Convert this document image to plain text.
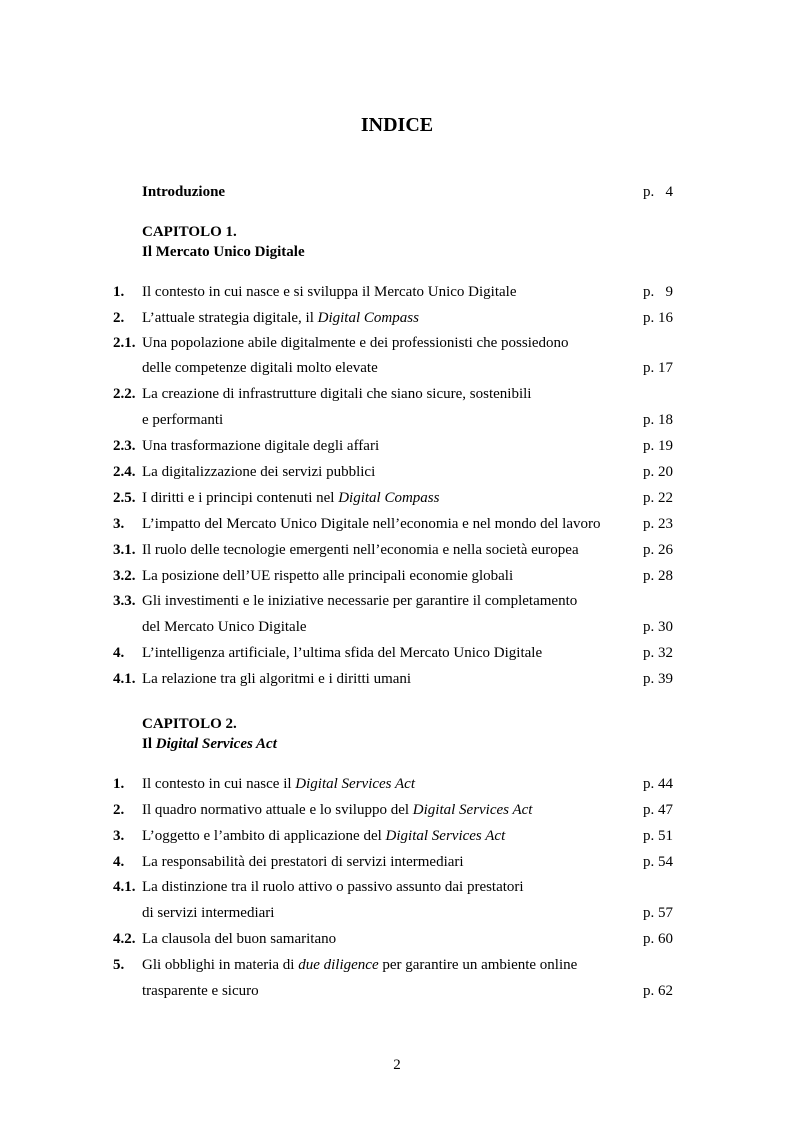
INDICE
Introduzione	p.   4
CAPITOLO 1.
Il Mercato Unico Digitale
1. Il contesto in cui nasce e si sviluppa il Mercato Unico Digitale	p.   9
2. L’attuale strategia digitale, il Digital Compass	p. 16
2.1. Una popolazione abile digitalmente e dei professionisti che possiedono
delle competenze digitali molto elevate	p. 17
2.2. La creazione di infrastrutture digitali che siano sicure, sostenibili
e performanti	p. 18
2.3. Una trasformazione digitale degli affari	p. 19
2.4. La digitalizzazione dei servizi pubblici	p. 20
2.5. I diritti e i principi contenuti nel Digital Compass	p. 22
3. L’impatto del Mercato Unico Digitale nell’economia e nel mondo del lavoro	p. 23
3.1. Il ruolo delle tecnologie emergenti nell’economia e nella società europea	p. 26
3.2. La posizione dell’UE rispetto alle principali economie globali	p. 28
3.3. Gli investimenti e le iniziative necessarie per garantire il completamento
del Mercato Unico Digitale	p. 30
4. L’intelligenza artificiale, l’ultima sfida del Mercato Unico Digitale	p. 32
4.1. La relazione tra gli algoritmi e i diritti umani	p. 39
CAPITOLO 2.
Il Digital Services Act
1. Il contesto in cui nasce il Digital Services Act	p. 44
2. Il quadro normativo attuale e lo sviluppo del Digital Services Act	p. 47
3. L’oggetto e l’ambito di applicazione del Digital Services Act	p. 51
4. La responsabilità dei prestatori di servizi intermediari	p. 54
4.1. La distinzione tra il ruolo attivo o passivo assunto dai prestatori
di servizi intermediari	p. 57
4.2. La clausola del buon samaritano	p. 60
5. Gli obblighi in materia di due diligence per garantire un ambiente online
trasparente e sicuro	p. 62
2
